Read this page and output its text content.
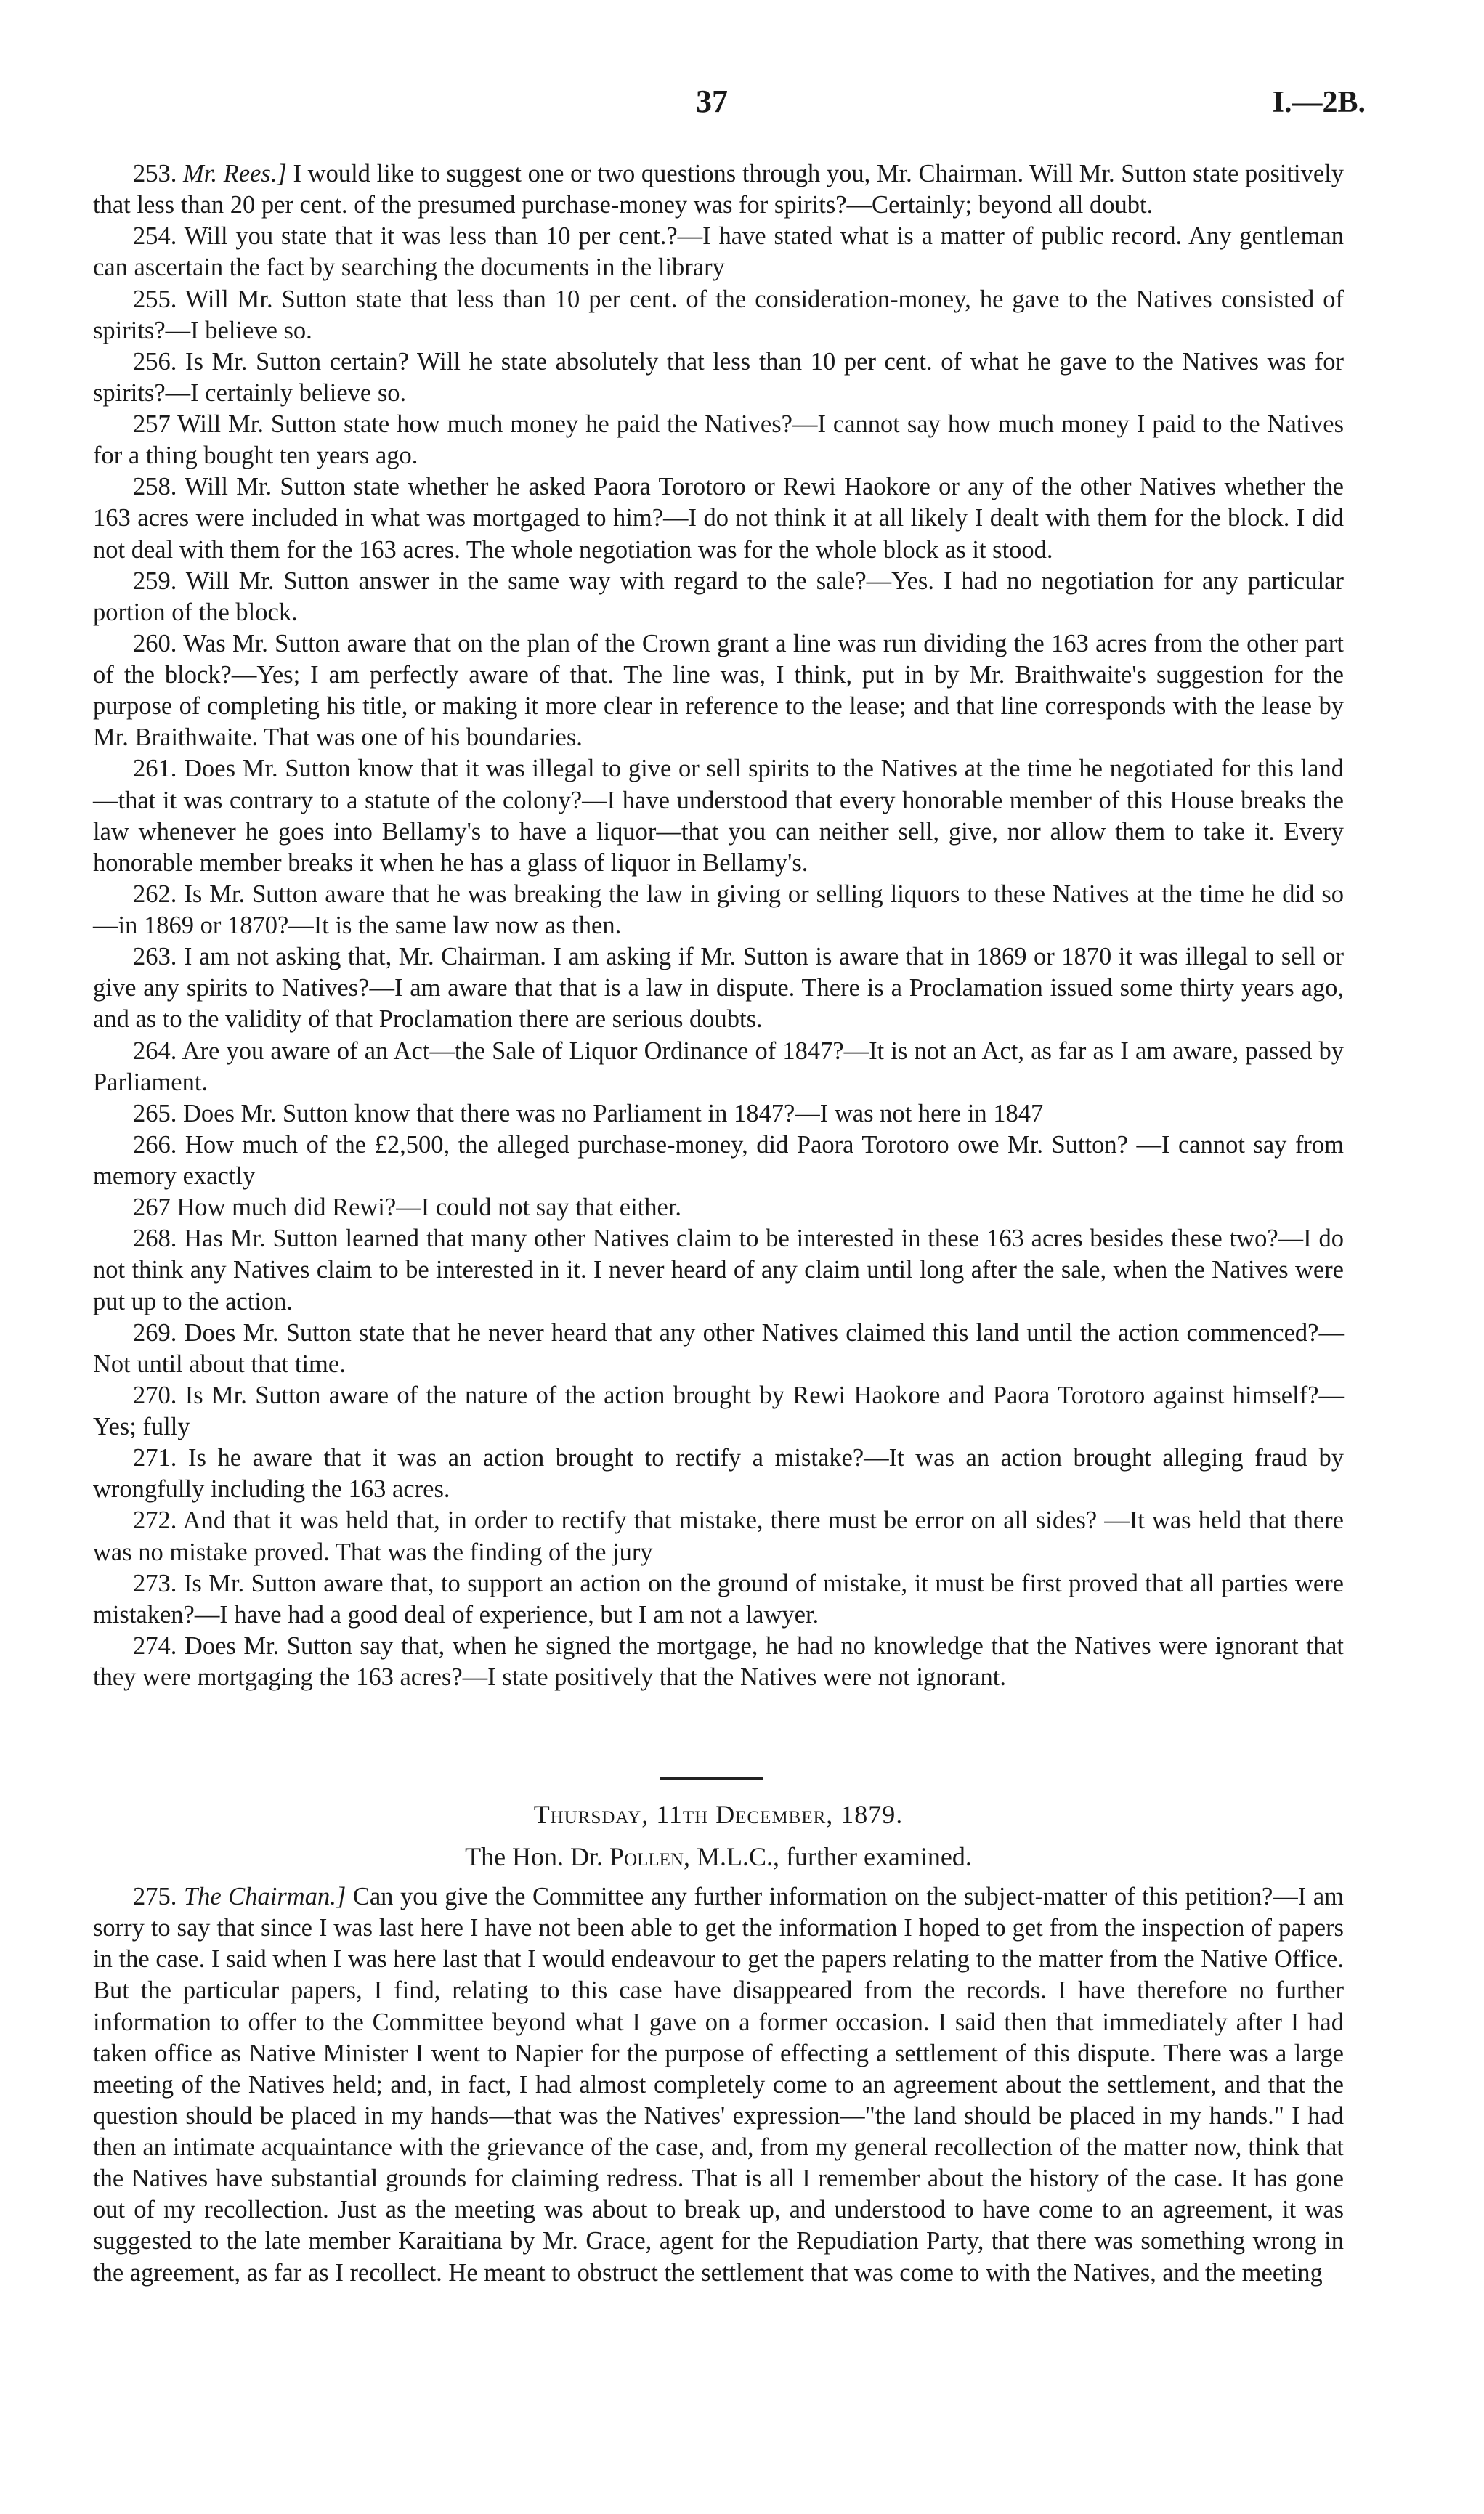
37	I.—2B.

253. Mr. Rees.] I would like to suggest one or two questions through you, Mr. Chairman. Will Mr. Sutton state positively that less than 20 per cent. of the presumed purchase-money was for spirits?—Certainly; beyond all doubt.

254. Will you state that it was less than 10 per cent.?—I have stated what is a matter of public record. Any gentleman can ascertain the fact by searching the documents in the library

255. Will Mr. Sutton state that less than 10 per cent. of the consideration-money, he gave to the Natives consisted of spirits?—I believe so.

256. Is Mr. Sutton certain? Will he state absolutely that less than 10 per cent. of what he gave to the Natives was for spirits?—I certainly believe so.

257 Will Mr. Sutton state how much money he paid the Natives?—I cannot say how much money I paid to the Natives for a thing bought ten years ago.

258. Will Mr. Sutton state whether he asked Paora Torotoro or Rewi Haokore or any of the other Natives whether the 163 acres were included in what was mortgaged to him?—I do not think it at all likely I dealt with them for the block. I did not deal with them for the 163 acres. The whole negotiation was for the whole block as it stood.

259. Will Mr. Sutton answer in the same way with regard to the sale?—Yes. I had no negotiation for any particular portion of the block.

260. Was Mr. Sutton aware that on the plan of the Crown grant a line was run dividing the 163 acres from the other part of the block?—Yes; I am perfectly aware of that. The line was, I think, put in by Mr. Braithwaite's suggestion for the purpose of completing his title, or making it more clear in reference to the lease; and that line corresponds with the lease by Mr. Braithwaite. That was one of his boundaries.

261. Does Mr. Sutton know that it was illegal to give or sell spirits to the Natives at the time he negotiated for this land—that it was contrary to a statute of the colony?—I have understood that every honorable member of this House breaks the law whenever he goes into Bellamy's to have a liquor—that you can neither sell, give, nor allow them to take it. Every honorable member breaks it when he has a glass of liquor in Bellamy's.

262. Is Mr. Sutton aware that he was breaking the law in giving or selling liquors to these Natives at the time he did so—in 1869 or 1870?—It is the same law now as then.

263. I am not asking that, Mr. Chairman. I am asking if Mr. Sutton is aware that in 1869 or 1870 it was illegal to sell or give any spirits to Natives?—I am aware that that is a law in dispute. There is a Proclamation issued some thirty years ago, and as to the validity of that Proclamation there are serious doubts.

264. Are you aware of an Act—the Sale of Liquor Ordinance of 1847?—It is not an Act, as far as I am aware, passed by Parliament.

265. Does Mr. Sutton know that there was no Parliament in 1847?—I was not here in 1847

266. How much of the £2,500, the alleged purchase-money, did Paora Torotoro owe Mr. Sutton? —I cannot say from memory exactly

267 How much did Rewi?—I could not say that either.

268. Has Mr. Sutton learned that many other Natives claim to be interested in these 163 acres besides these two?—I do not think any Natives claim to be interested in it. I never heard of any claim until long after the sale, when the Natives were put up to the action.

269. Does Mr. Sutton state that he never heard that any other Natives claimed this land until the action commenced?—Not until about that time.

270. Is Mr. Sutton aware of the nature of the action brought by Rewi Haokore and Paora Torotoro against himself?—Yes; fully

271. Is he aware that it was an action brought to rectify a mistake?—It was an action brought alleging fraud by wrongfully including the 163 acres.

272. And that it was held that, in order to rectify that mistake, there must be error on all sides? —It was held that there was no mistake proved. That was the finding of the jury

273. Is Mr. Sutton aware that, to support an action on the ground of mistake, it must be first proved that all parties were mistaken?—I have had a good deal of experience, but I am not a lawyer.

274. Does Mr. Sutton say that, when he signed the mortgage, he had no knowledge that the Natives were ignorant that they were mortgaging the 163 acres?—I state positively that the Natives were not ignorant.

Thursday, 11th December, 1879.
The Hon. Dr. Pollen, M.L.C., further examined.

275. The Chairman.] Can you give the Committee any further information on the subject-matter of this petition?—I am sorry to say that since I was last here I have not been able to get the information I hoped to get from the inspection of papers in the case. I said when I was here last that I would endeavour to get the papers relating to the matter from the Native Office. But the particular papers, I find, relating to this case have disappeared from the records. I have therefore no further information to offer to the Committee beyond what I gave on a former occasion. I said then that immediately after I had taken office as Native Minister I went to Napier for the purpose of effecting a settlement of this dispute. There was a large meeting of the Natives held; and, in fact, I had almost completely come to an agreement about the settlement, and that the question should be placed in my hands—that was the Natives' expression—"the land should be placed in my hands." I had then an intimate acquaintance with the grievance of the case, and, from my general recollection of the matter now, think that the Natives have substantial grounds for claiming redress. That is all I remember about the history of the case. It has gone out of my recollection. Just as the meeting was about to break up, and understood to have come to an agreement, it was suggested to the late member Karaitiana by Mr. Grace, agent for the Repudiation Party, that there was something wrong in the agreement, as far as I recollect. He meant to obstruct the settlement that was come to with the Natives, and the meeting
